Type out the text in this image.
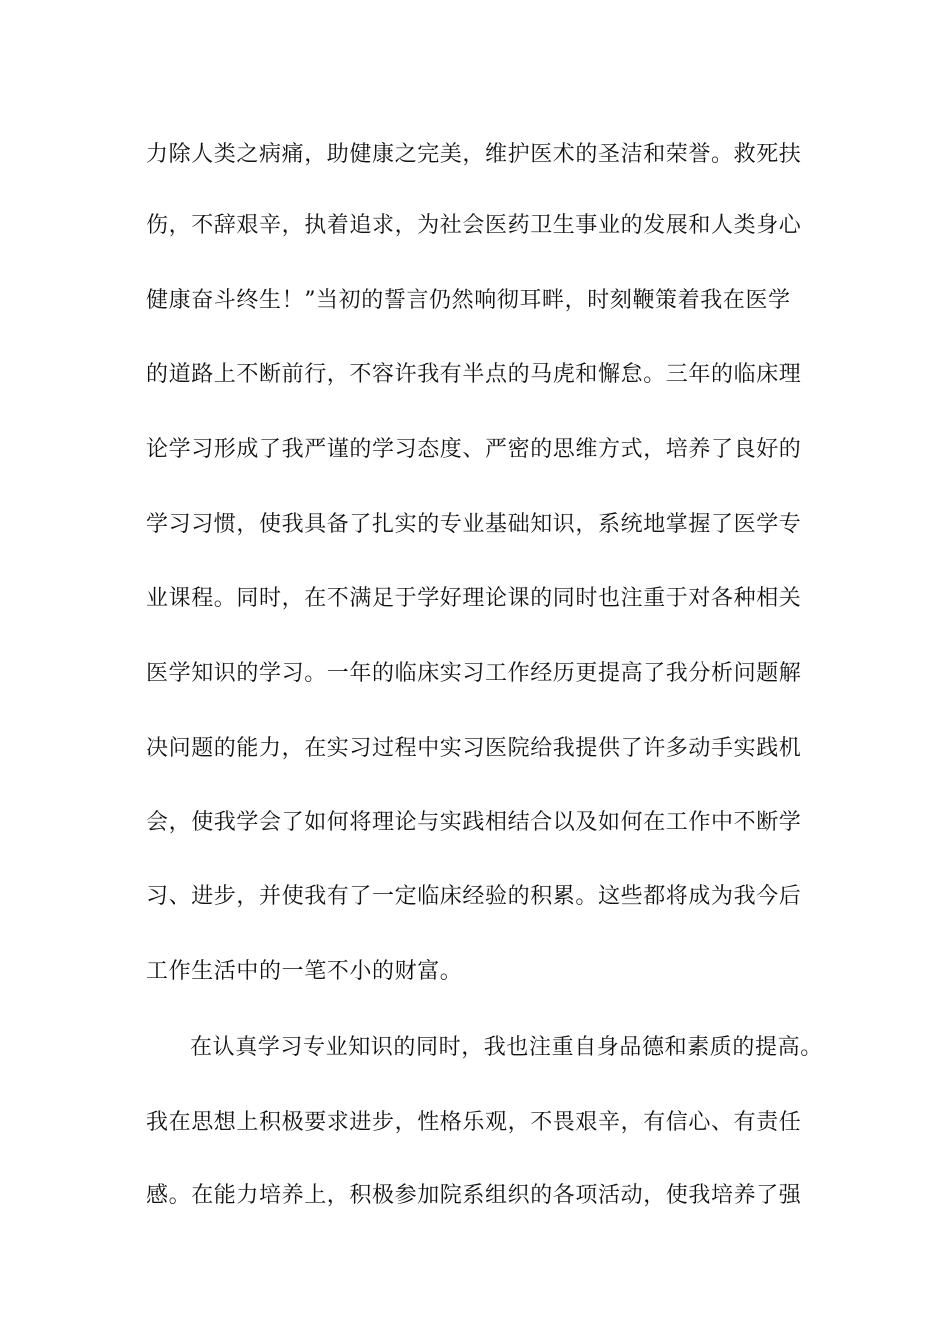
力除人类之病痛，助健康之完美，维护医术的圣洁和荣誉。救死扶
伤，不辞艰辛，执着追求，为社会医药卫生事业的发展和人类身心
健康奋斗终生！”当初的誓言仍然响彻耳畔，时刻鞭策着我在医学
的道路上不断前行，不容许我有半点的马虎和懈怠。三年的临床理
论学习形成了我严谨的学习态度、严密的思维方式，培养了良好的
学习习惯，使我具备了扎实的专业基础知识，系统地掌握了医学专
业课程。同时，在不满足于学好理论课的同时也注重于对各种相关
医学知识的学习。一年的临床实习工作经历更提高了我分析问题解
决问题的能力，在实习过程中实习医院给我提供了许多动手实践机
会，使我学会了如何将理论与实践相结合以及如何在工作中不断学
习、进步，并使我有了一定临床经验的积累。这些都将成为我今后
工作生活中的一笔不小的财富。
在认真学习专业知识的同时，我也注重自身品德和素质的提高。
我在思想上积极要求进步，性格乐观，不畏艰辛，有信心、有责任
感。在能力培养上，积极参加院系组织的各项活动，使我培养了强
